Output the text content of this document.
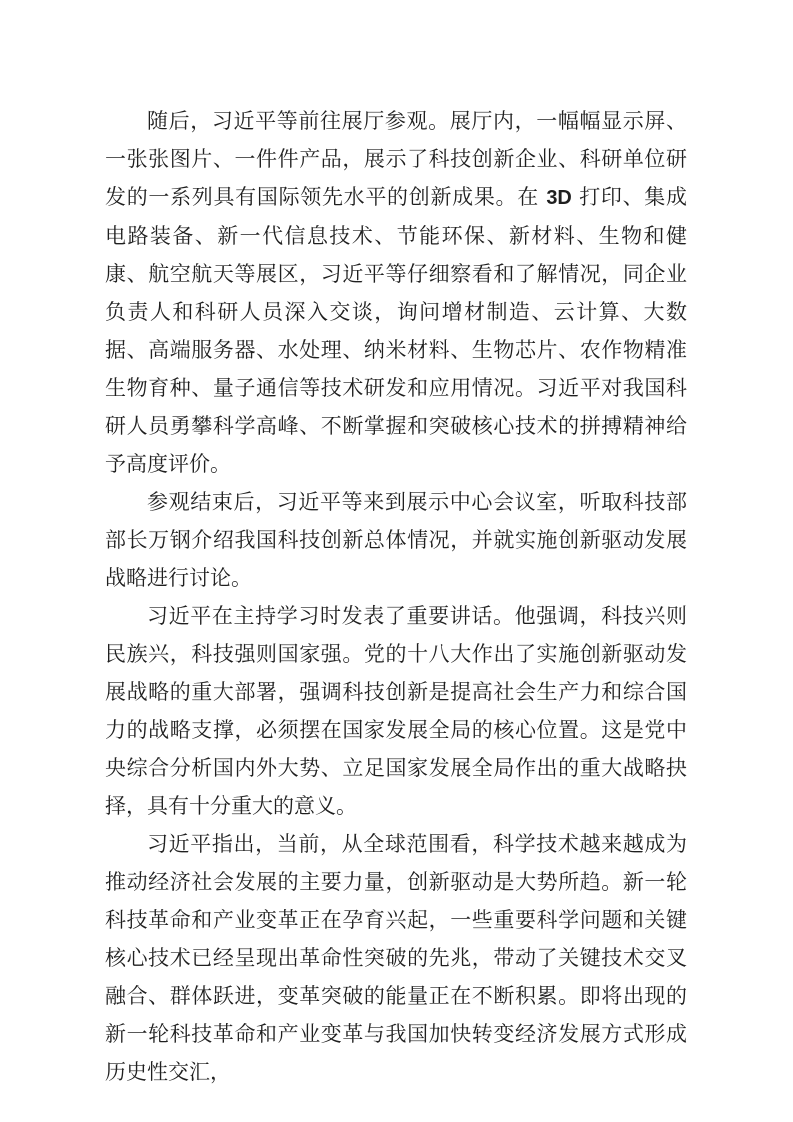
随后，习近平等前往展厅参观。展厅内，一幅幅显示屏、一张张图片、一件件产品，展示了科技创新企业、科研单位研发的一系列具有国际领先水平的创新成果。在 3D 打印、集成电路装备、新一代信息技术、节能环保、新材料、生物和健康、航空航天等展区，习近平等仔细察看和了解情况，同企业负责人和科研人员深入交谈，询问增材制造、云计算、大数据、高端服务器、水处理、纳米材料、生物芯片、农作物精准生物育种、量子通信等技术研发和应用情况。习近平对我国科研人员勇攀科学高峰、不断掌握和突破核心技术的拼搏精神给予高度评价。

参观结束后，习近平等来到展示中心会议室，听取科技部部长万钢介绍我国科技创新总体情况，并就实施创新驱动发展战略进行讨论。

习近平在主持学习时发表了重要讲话。他强调，科技兴则民族兴，科技强则国家强。党的十八大作出了实施创新驱动发展战略的重大部署，强调科技创新是提高社会生产力和综合国力的战略支撑，必须摆在国家发展全局的核心位置。这是党中央综合分析国内外大势、立足国家发展全局作出的重大战略抉择，具有十分重大的意义。

习近平指出，当前，从全球范围看，科学技术越来越成为推动经济社会发展的主要力量，创新驱动是大势所趋。新一轮科技革命和产业变革正在孕育兴起，一些重要科学问题和关键核心技术已经呈现出革命性突破的先兆，带动了关键技术交叉融合、群体跃进，变革突破的能量正在不断积累。即将出现的新一轮科技革命和产业变革与我国加快转变经济发展方式形成历史性交汇，
